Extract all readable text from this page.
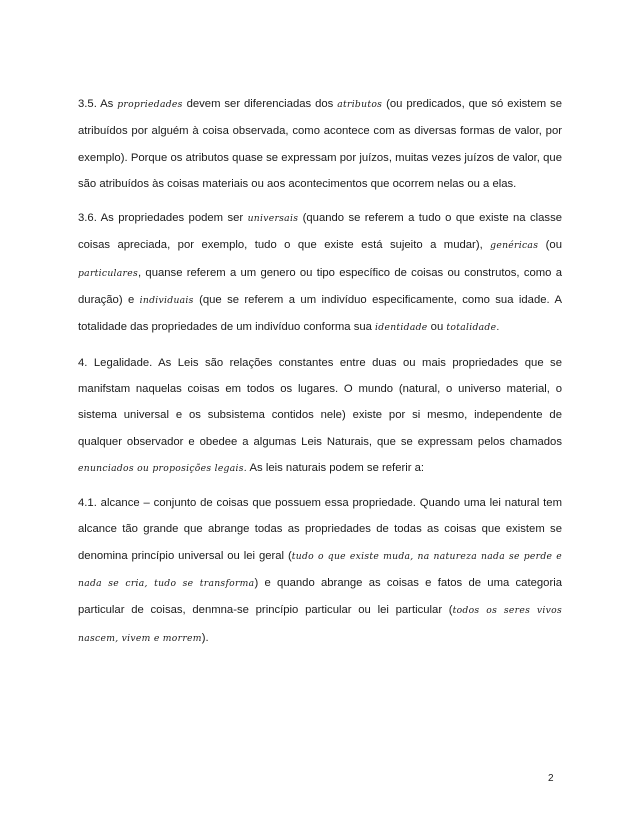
3.5. As propriedades devem ser diferenciadas dos atributos (ou predicados, que só existem se atribuídos por alguém à coisa observada, como acontece com as diversas formas de valor, por exemplo). Porque os atributos quase se expressam por juízos, muitas vezes juízos de valor, que são atribuídos às coisas materiais ou aos acontecimentos que ocorrem nelas ou a elas.

3.6. As propriedades podem ser universais (quando se referem a tudo o que existe na classe coisas apreciada, por exemplo, tudo o que existe está sujeito a mudar), genéricas (ou particulares, quanse referem a um genero ou tipo específico de coisas ou construtos, como a duração) e individuais (que se referem a um indivíduo especificamente, como sua idade. A totalidade das propriedades de um indivíduo conforma sua identidade ou totalidade.

4. Legalidade. As Leis são relações constantes entre duas ou mais propriedades que se manifstam naquelas coisas em todos os lugares. O mundo (natural, o universo material, o sistema universal e os subsistema contidos nele) existe por si mesmo, independente de qualquer observador e obedee a algumas Leis Naturais, que se expressam pelos chamados enunciados ou proposições legais. As leis naturais podem se referir a:

4.1. alcance – conjunto de coisas que possuem essa propriedade. Quando uma lei natural tem alcance tão grande que abrange todas as propriedades de todas as coisas que existem se denomina princípio universal ou lei geral (tudo o que existe muda, na natureza nada se perde e nada se cria, tudo se transforma) e quando abrange as coisas e fatos de uma categoria particular de coisas, denmna-se princípio particular ou lei particular (todos os seres vivos nascem, vivem e morrem).

2
